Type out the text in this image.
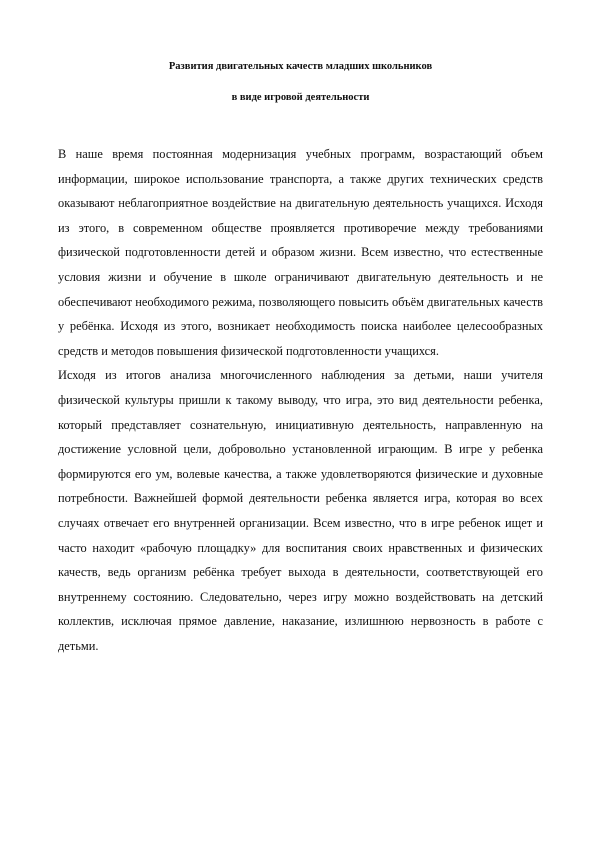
Развития двигательных качеств младших школьников
в виде игровой деятельности

В наше время постоянная модернизация учебных программ, возрастающий объем информации, широкое использование транспорта, а также других технических средств оказывают неблагоприятное воздействие на двигательную деятельность учащихся. Исходя из этого, в современном обществе проявляется противоречие между требованиями физической подготовленности детей и образом жизни. Всем известно, что естественные условия жизни и обучение в школе ограничивают двигательную деятельность и не обеспечивают необходимого режима, позволяющего повысить объём двигательных качеств у ребёнка. Исходя из этого, возникает необходимость поиска наиболее целесообразных средств и методов повышения физической подготовленности учащихся.

Исходя из итогов анализа многочисленного наблюдения за детьми, наши учителя физической культуры пришли к такому выводу, что игра, это вид деятельности ребенка, который представляет сознательную, инициативную деятельность, направленную на достижение условной цели, добровольно установленной играющим. В игре у ребенка формируются его ум, волевые качества, а также удовлетворяются физические и духовные потребности. Важнейшей формой деятельности ребенка является игра, которая во всех случаях отвечает его внутренней организации. Всем известно, что в игре ребенок ищет и часто находит «рабочую площадку» для воспитания своих нравственных и физических качеств, ведь организм ребёнка требует выхода в деятельности, соответствующей его внутреннему состоянию. Следовательно, через игру можно воздействовать на детский коллектив, исключая прямое давление, наказание, излишнюю нервозность в работе с детьми.
